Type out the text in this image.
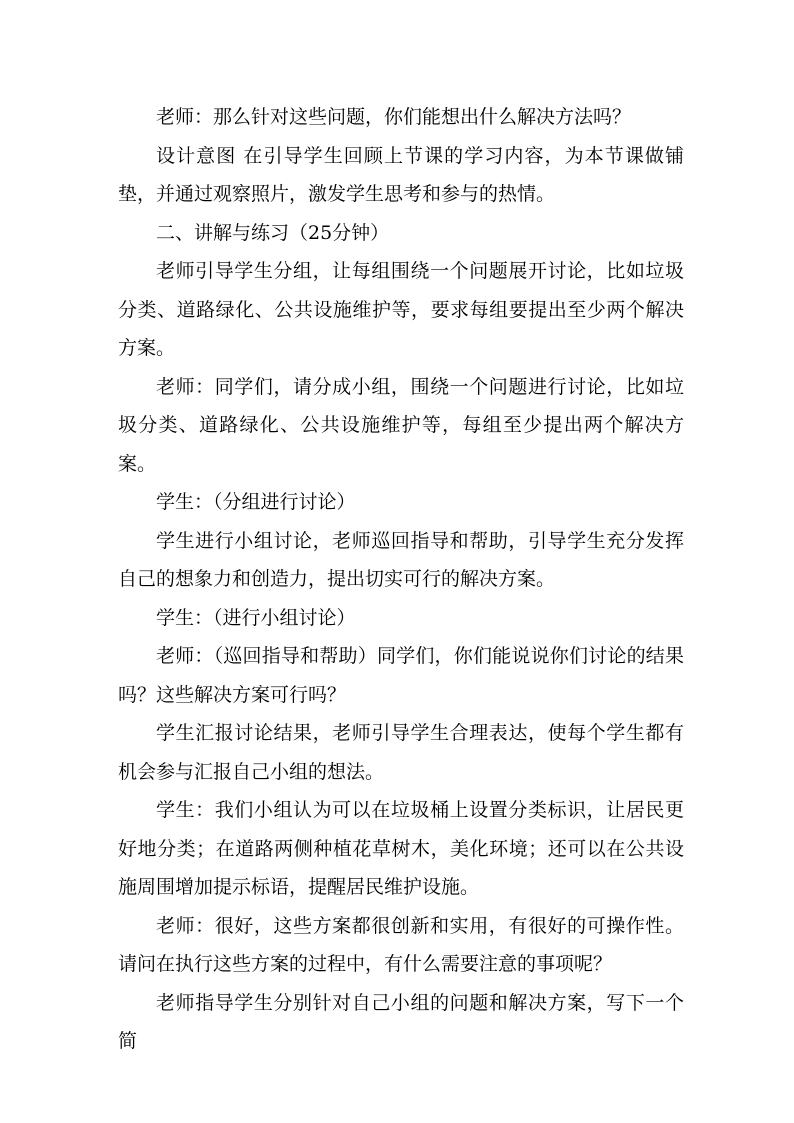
老师：那么针对这些问题，你们能想出什么解决方法吗？

设计意图 在引导学生回顾上节课的学习内容，为本节课做铺垫，并通过观察照片，激发学生思考和参与的热情。

二、讲解与练习（25分钟）

老师引导学生分组，让每组围绕一个问题展开讨论，比如垃圾分类、道路绿化、公共设施维护等，要求每组要提出至少两个解决方案。

老师：同学们，请分成小组，围绕一个问题进行讨论，比如垃圾分类、道路绿化、公共设施维护等，每组至少提出两个解决方案。

学生：（分组进行讨论）

学生进行小组讨论，老师巡回指导和帮助，引导学生充分发挥自己的想象力和创造力，提出切实可行的解决方案。

学生：（进行小组讨论）

老师：（巡回指导和帮助）同学们，你们能说说你们讨论的结果吗？这些解决方案可行吗？

学生汇报讨论结果，老师引导学生合理表达，使每个学生都有机会参与汇报自己小组的想法。

学生：我们小组认为可以在垃圾桶上设置分类标识，让居民更好地分类；在道路两侧种植花草树木，美化环境；还可以在公共设施周围增加提示标语，提醒居民维护设施。

老师：很好，这些方案都很创新和实用，有很好的可操作性。请问在执行这些方案的过程中，有什么需要注意的事项呢？

老师指导学生分别针对自己小组的问题和解决方案，写下一个简
